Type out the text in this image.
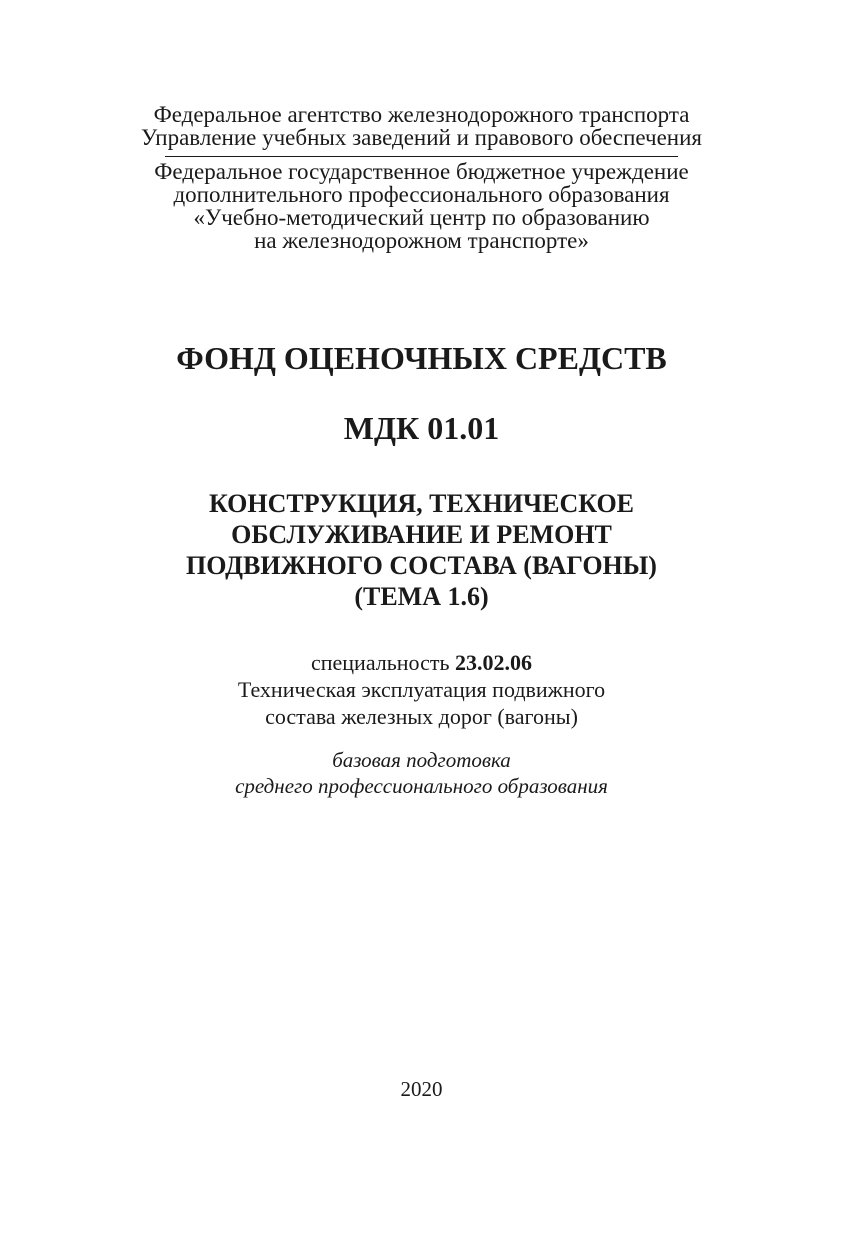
Федеральное агентство железнодорожного транспорта
Управление учебных заведений и правового обеспечения
Федеральное государственное бюджетное учреждение
дополнительного профессионального образования
«Учебно-методический центр по образованию
на железнодорожном транспорте»
ФОНД ОЦЕНОЧНЫХ СРЕДСТВ
МДК 01.01
КОНСТРУКЦИЯ, ТЕХНИЧЕСКОЕ
ОБСЛУЖИВАНИЕ И РЕМОНТ
ПОДВИЖНОГО СОСТАВА (ВАГОНЫ)
(ТЕМА 1.6)
специальность 23.02.06
Техническая эксплуатация подвижного
состава железных дорог (вагоны)
базовая подготовка
среднего профессионального образования
2020
